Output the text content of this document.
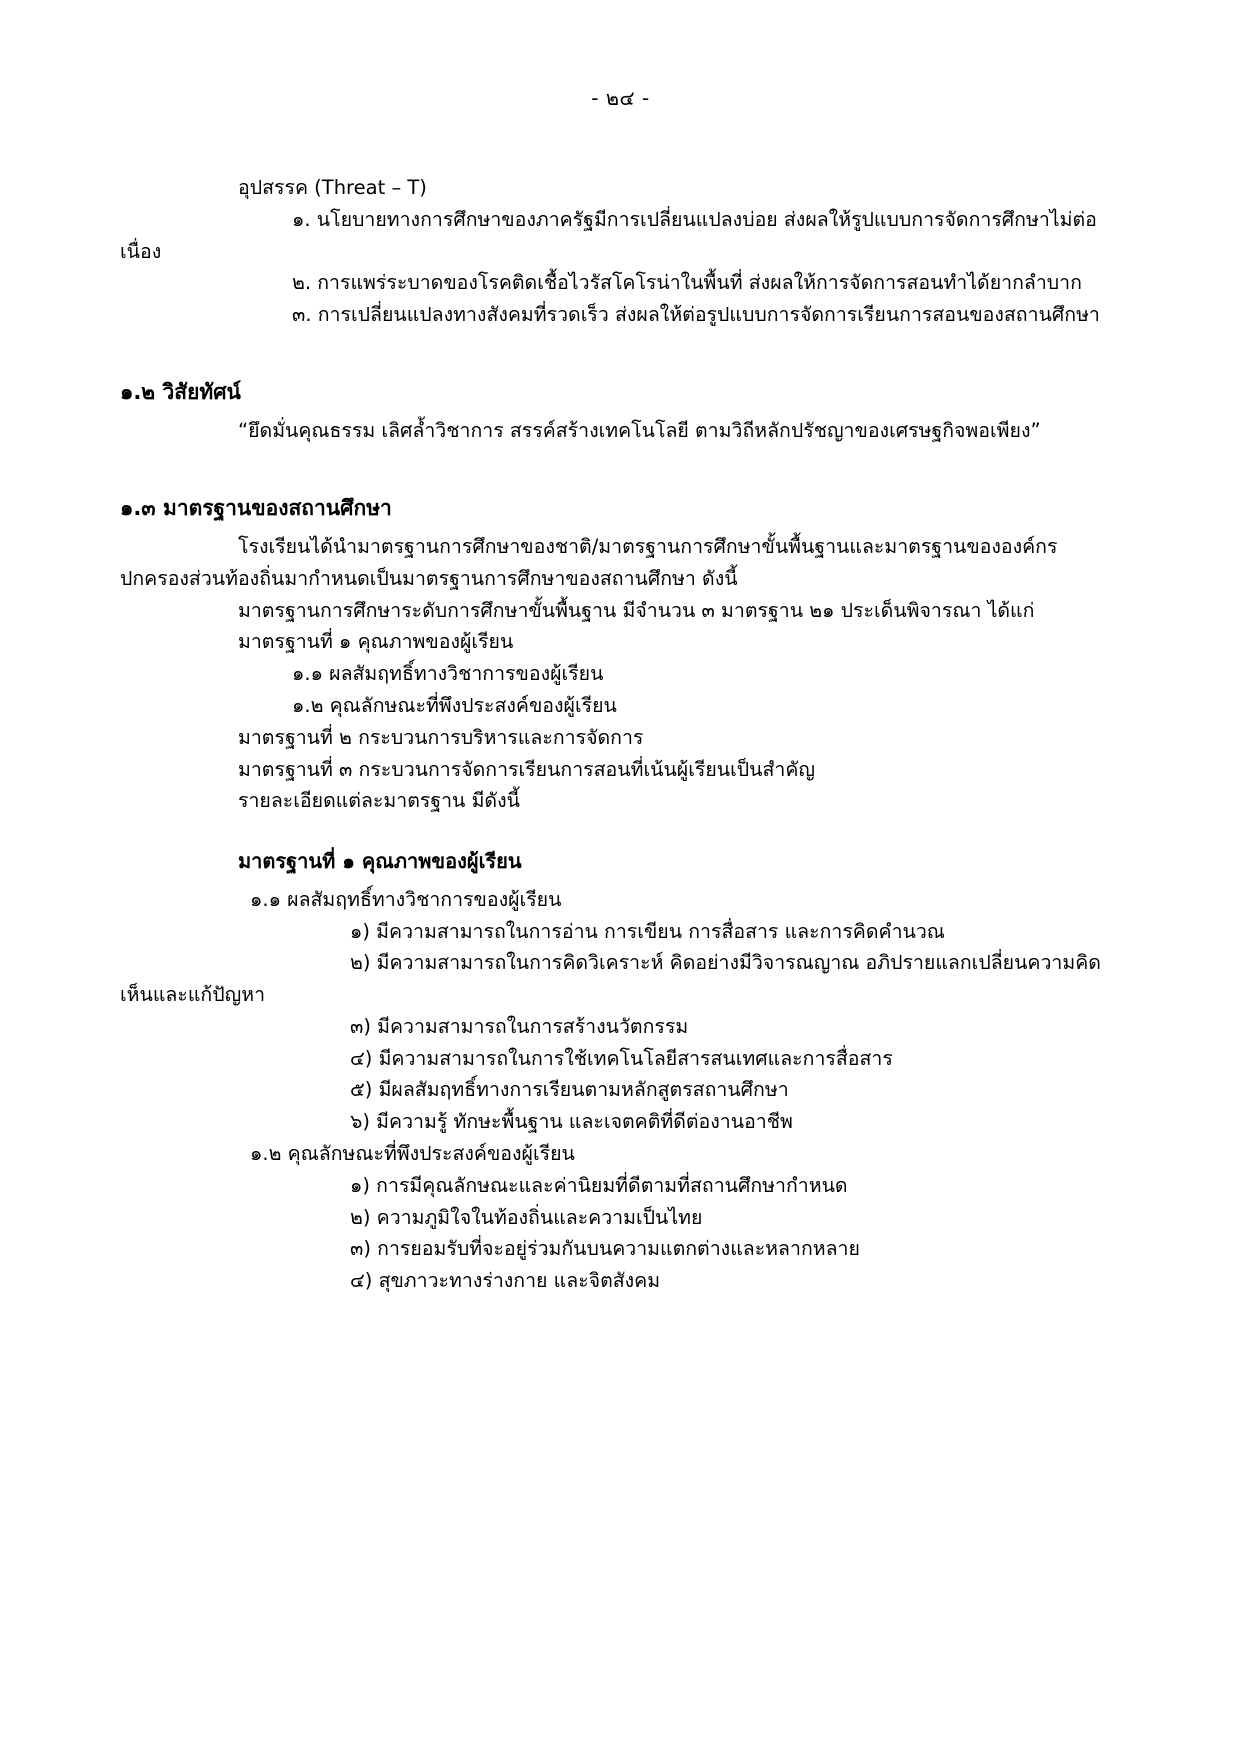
- ๒๔ -
อุปสรรค (Threat – T)
๑. นโยบายทางการศึกษาของภาครัฐมีการเปลี่ยนแปลงบ่อย ส่งผลให้รูปแบบการจัดการศึกษาไม่ต่อเนื่อง
๒. การแพร่ระบาดของโรคติดเชื้อไวรัสโคโรน่าในพื้นที่ ส่งผลให้การจัดการสอนทำได้ยากลำบาก
๓. การเปลี่ยนแปลงทางสังคมที่รวดเร็ว ส่งผลให้ต่อรูปแบบการจัดการเรียนการสอนของสถานศึกษา
๑.๒ วิสัยทัศน์
“ยึดมั่นคุณธรรม เลิศล้ำวิชาการ สรรค์สร้างเทคโนโลยี ตามวิถีหลักปรัชญาของเศรษฐกิจพอเพียง”
๑.๓ มาตรฐานของสถานศึกษา
โรงเรียนได้นำมาตรฐานการศึกษาของชาติ/มาตรฐานการศึกษาขั้นพื้นฐานและมาตรฐานขององค์กรปกครองส่วนท้องถิ่นมากำหนดเป็นมาตรฐานการศึกษาของสถานศึกษา ดังนี้
มาตรฐานการศึกษาระดับการศึกษาขั้นพื้นฐาน มีจำนวน ๓ มาตรฐาน ๒๑ ประเด็นพิจารณา ได้แก่
มาตรฐานที่ ๑ คุณภาพของผู้เรียน
๑.๑ ผลสัมฤทธิ์ทางวิชาการของผู้เรียน
๑.๒ คุณลักษณะที่พึงประสงค์ของผู้เรียน
มาตรฐานที่ ๒ กระบวนการบริหารและการจัดการ
มาตรฐานที่ ๓ กระบวนการจัดการเรียนการสอนที่เน้นผู้เรียนเป็นสำคัญ
รายละเอียดแต่ละมาตรฐาน มีดังนี้
มาตรฐานที่ ๑ คุณภาพของผู้เรียน
๑.๑ ผลสัมฤทธิ์ทางวิชาการของผู้เรียน
๑) มีความสามารถในการอ่าน การเขียน การสื่อสาร และการคิดคำนวณ
๒) มีความสามารถในการคิดวิเคราะห์ คิดอย่างมีวิจารณญาณ อภิปรายแลกเปลี่ยนความคิดเห็นและแก้ปัญหา
๓) มีความสามารถในการสร้างนวัตกรรม
๔) มีความสามารถในการใช้เทคโนโลยีสารสนเทศและการสื่อสาร
๕) มีผลสัมฤทธิ์ทางการเรียนตามหลักสูตรสถานศึกษา
๖) มีความรู้ ทักษะพื้นฐาน และเจตคติที่ดีต่องานอาชีพ
๑.๒ คุณลักษณะที่พึงประสงค์ของผู้เรียน
๑) การมีคุณลักษณะและค่านิยมที่ดีตามที่สถานศึกษากำหนด
๒) ความภูมิใจในท้องถิ่นและความเป็นไทย
๓) การยอมรับที่จะอยู่ร่วมกันบนความแตกต่างและหลากหลาย
๔) สุขภาวะทางร่างกาย และจิตสังคม
